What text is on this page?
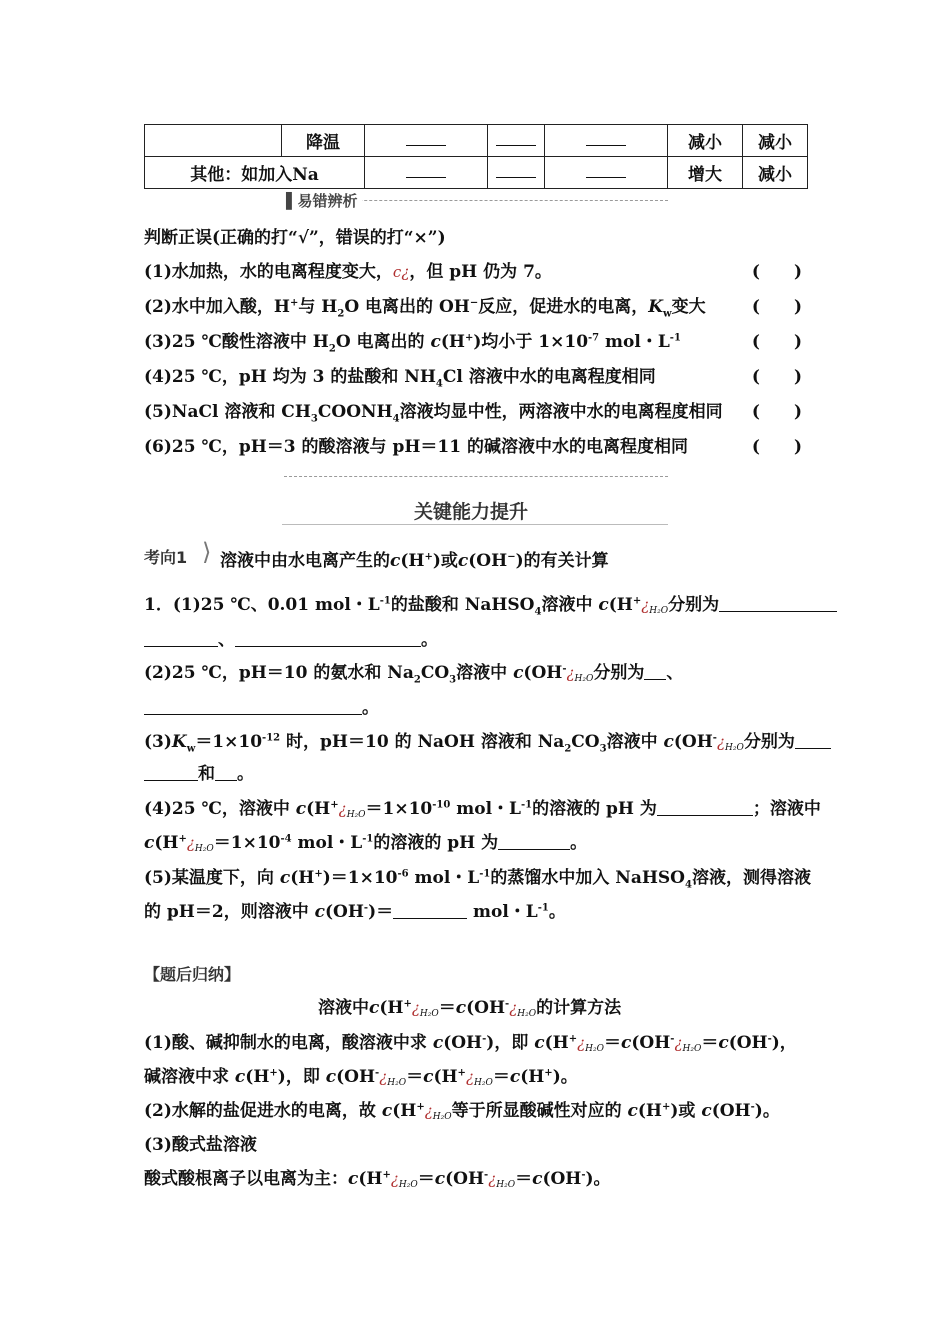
	降温				减小	减小
其他：如加入Na					增大	减小
▌易错辨析
判断正误(正确的打“√”，错误的打“×”)
(1)水加热，水的电离程度变大，c¿，但 pH 仍为 7。	(　　)
(2)水中加入酸，H+与 $H_2O$ 电离出的 OH−反应，促进水的电离，$K_w$变大	(　　)
(3)25 ℃酸性溶液中 $H_2O$ 电离出的 c(H+)均小于 $1\times 10^{-7}$ mol・$L^{-1}$	(　　)
(4)25 ℃，pH 均为 3 的盐酸和 $NH_4Cl$ 溶液中水的电离程度相同	(　　)
(5)NaCl 溶液和 $CH_3COONH_4$溶液均显中性，两溶液中水的电离程度相同 (　　)
(6)25 ℃，pH＝3 的酸溶液与 pH＝11 的碱溶液中水的电离程度相同	(　　)
关键能力提升
考向1 ⟩ 溶液中由水电离产生的c(H+)或c(OH−)的有关计算
1．(1)25 ℃、0.01 mol・$L^{-1}$的盐酸和 NaHSO$_4$溶液中 c(H+¿H₂O分别为
、	。
(2)25 ℃，pH＝10 的氨水和 $Na_2CO_3$溶液中 c(OH-¿H₂O分别为 、
。
$(3)K_w=1\times 10^{-12}$ 时，pH＝10 的 NaOH 溶液和 $Na_2CO_3$溶液中 c(OH-¿H₂O分别为
和 。
(4)25 ℃，溶液中 $c(H^+¿H_2O=1\times 10^{-10}$ mol・$L^{-1}$的溶液的 pH 为	；溶液中
$c(H^+¿H_2O=1\times 10^{-4}$ mol・$L^{-1}$的溶液的 pH 为	。
(5)某温度下，向 $c(H^+)=1\times 10^{-6}$ mol・$L^{-1}$的蒸馏水中加入 NaHSO$_4$溶液，测得溶液
的 pH＝2，则溶液中 c(OH-)＝	mol・$L^{-1}$。
【题后归纳】
溶液中c(H+¿H₂O＝c(OH-¿H₂O的计算方法
(1)酸、碱抑制水的电离，酸溶液中求 c(OH-)，即 c(H+¿H₂O＝c(OH-¿H₂O＝c(OH-)，
碱溶液中求 c(H+)，即 c(OH-¿H₂O＝c(H+¿H₂O＝c(H+)。
(2)水解的盐促进水的电离，故 c(H+¿H₂O等于所显酸碱性对应的 c(H+)或 c(OH-)。
(3)酸式盐溶液
酸式酸根离子以电离为主：c(H+¿H₂O＝c(OH-¿H₂O＝c(OH-)。
